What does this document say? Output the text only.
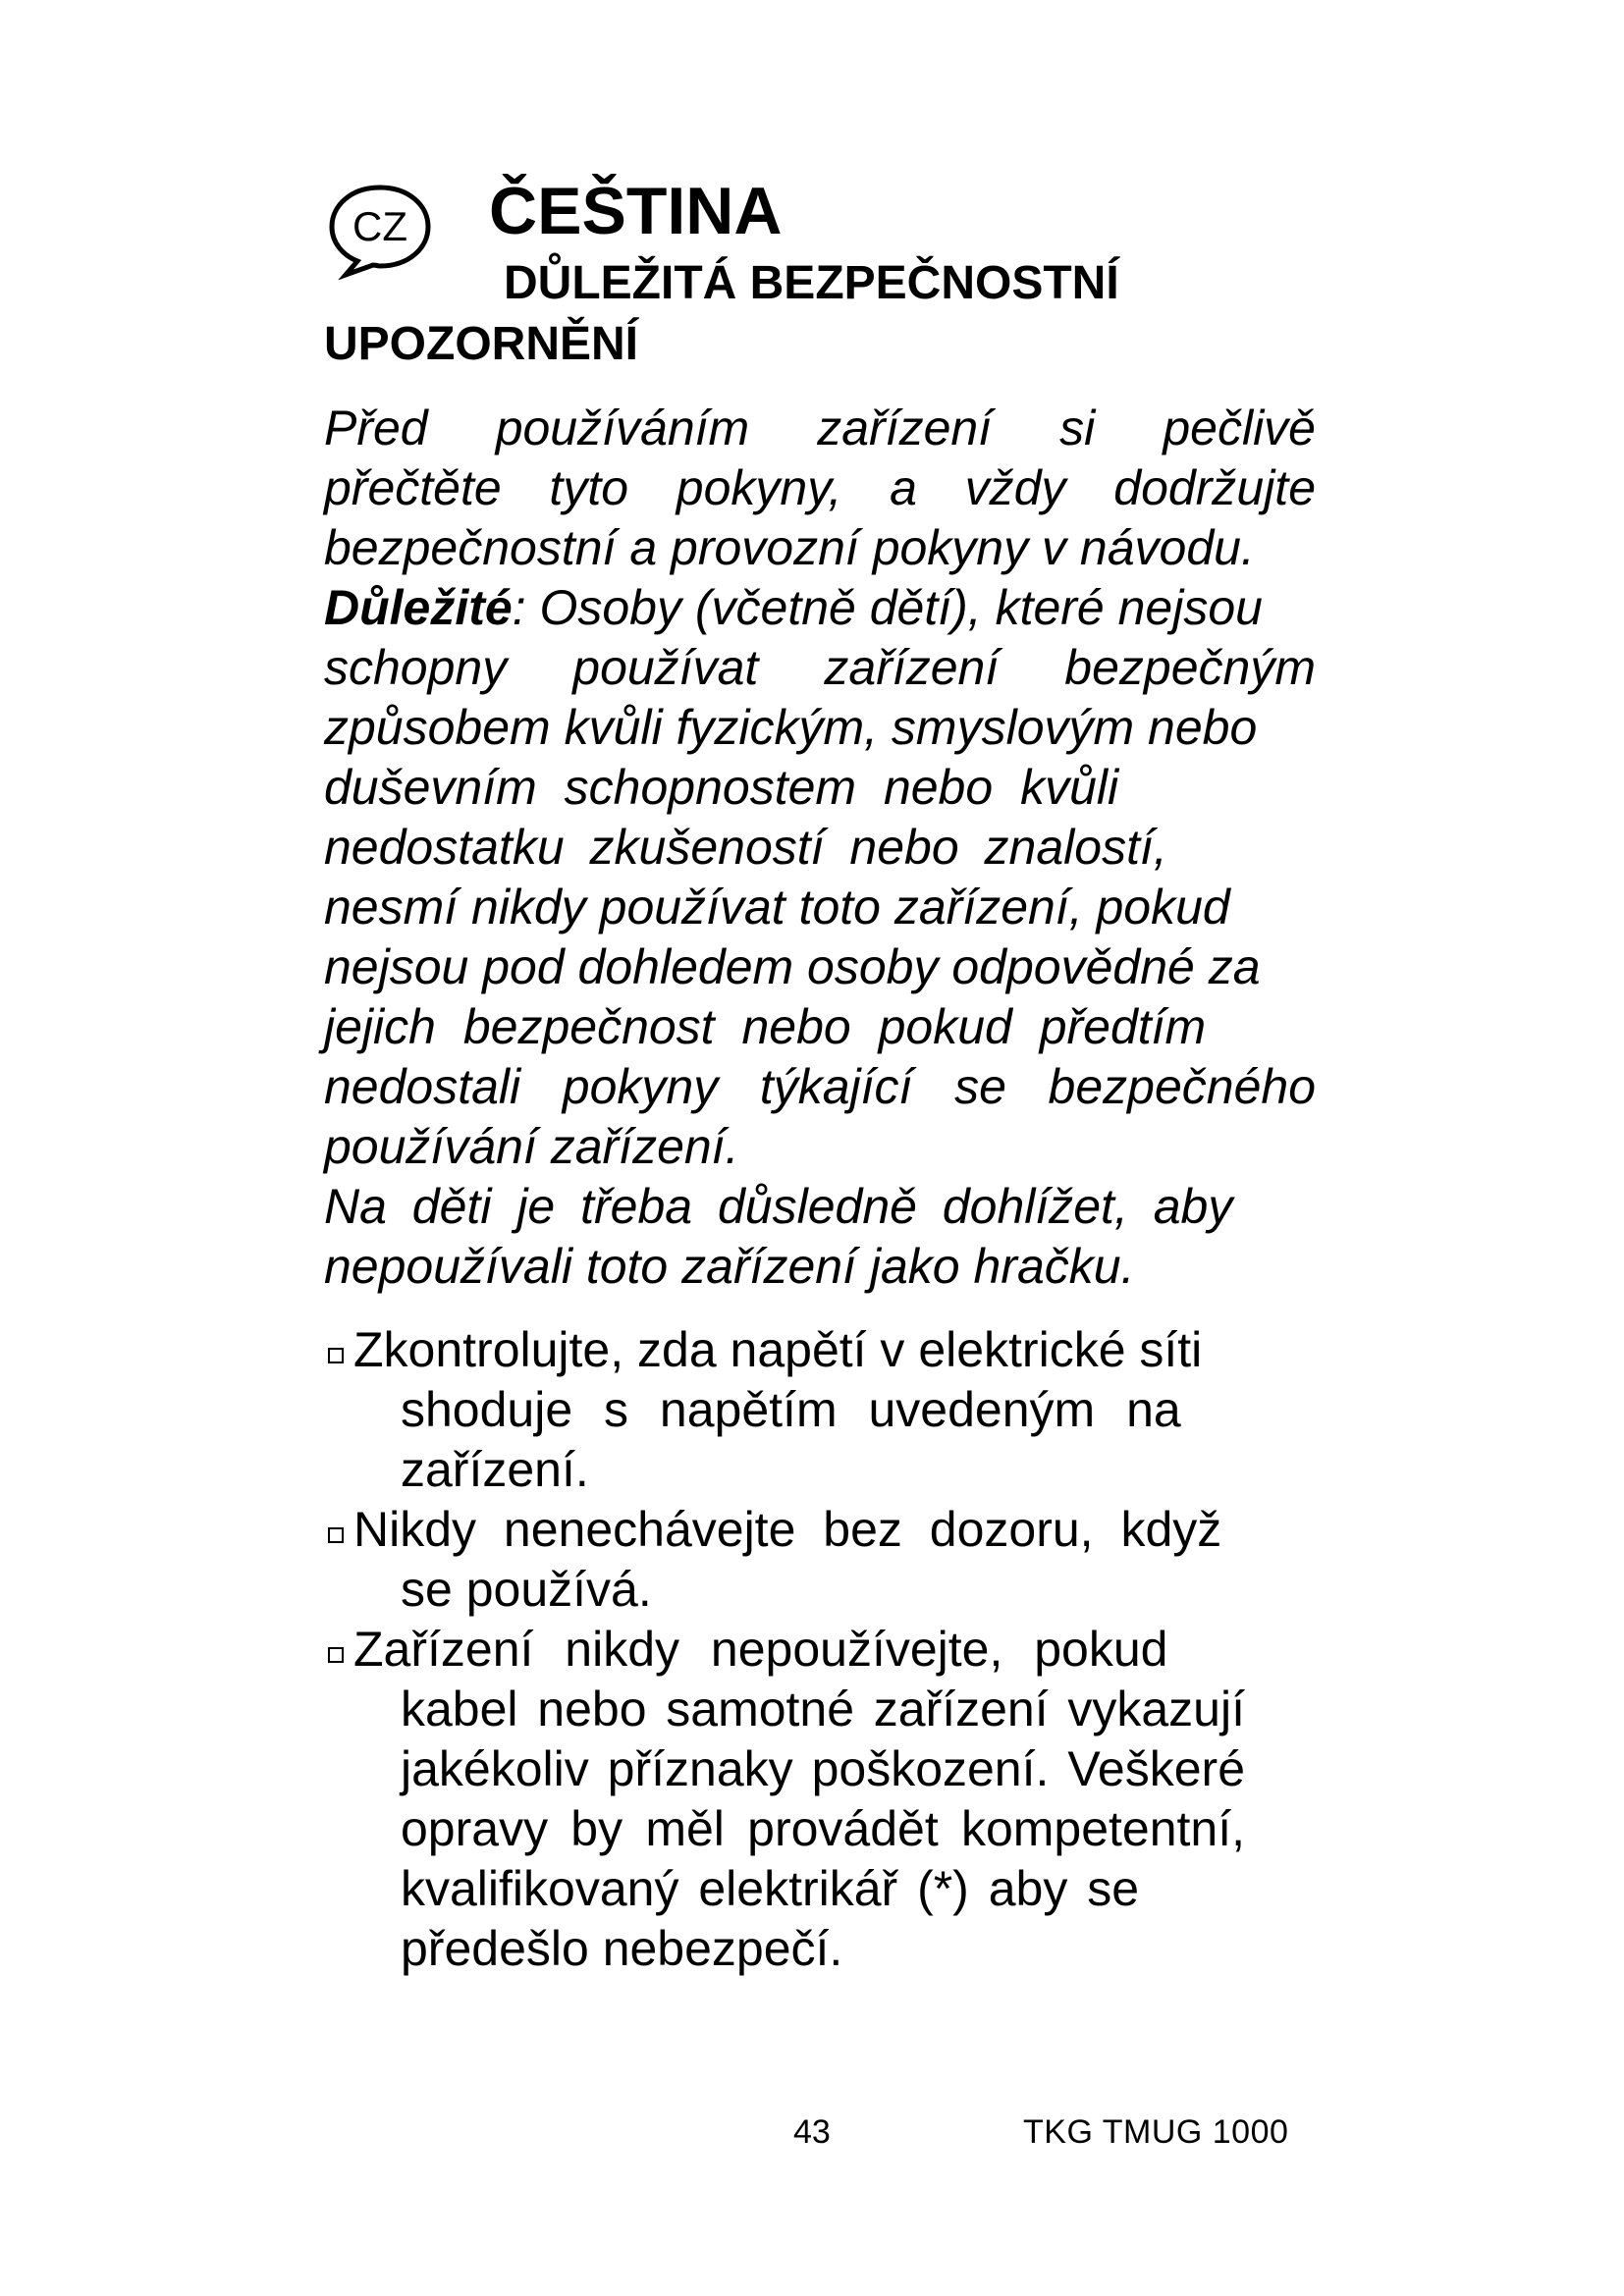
CZ ČEŠTINA
DŮLEŽITÁ BEZPEČNOSTNÍ
UPOZORNĚNÍ
Před používáním zařízení si pečlivě
přečtěte tyto pokyny, a vždy dodržujte
bezpečnostní a provozní pokyny v návodu.
Důležité: Osoby (včetně dětí), které nejsou
schopny používat zařízení bezpečným
způsobem kvůli fyzickým, smyslovým nebo
duševním schopnostem nebo kvůli
nedostatku zkušeností nebo znalostí,
nesmí nikdy používat toto zařízení, pokud
nejsou pod dohledem osoby odpovědné za
jejich bezpečnost nebo pokud předtím
nedostali pokyny týkající se bezpečného
používání zařízení.
Na děti je třeba důsledně dohlížet, aby
nepoužívali toto zařízení jako hračku.
Zkontrolujte, zda napětí v elektrické síti
shoduje s napětím uvedeným na
zařízení.
Nikdy nenechávejte bez dozoru, když
se používá.
Zařízení nikdy nepoužívejte, pokud
kabel nebo samotné zařízení vykazují
jakékoliv příznaky poškození. Veškeré
opravy by měl provádět kompetentní,
kvalifikovaný elektrikář (*) aby se
předešlo nebezpečí.
43	TKG TMUG 1000
